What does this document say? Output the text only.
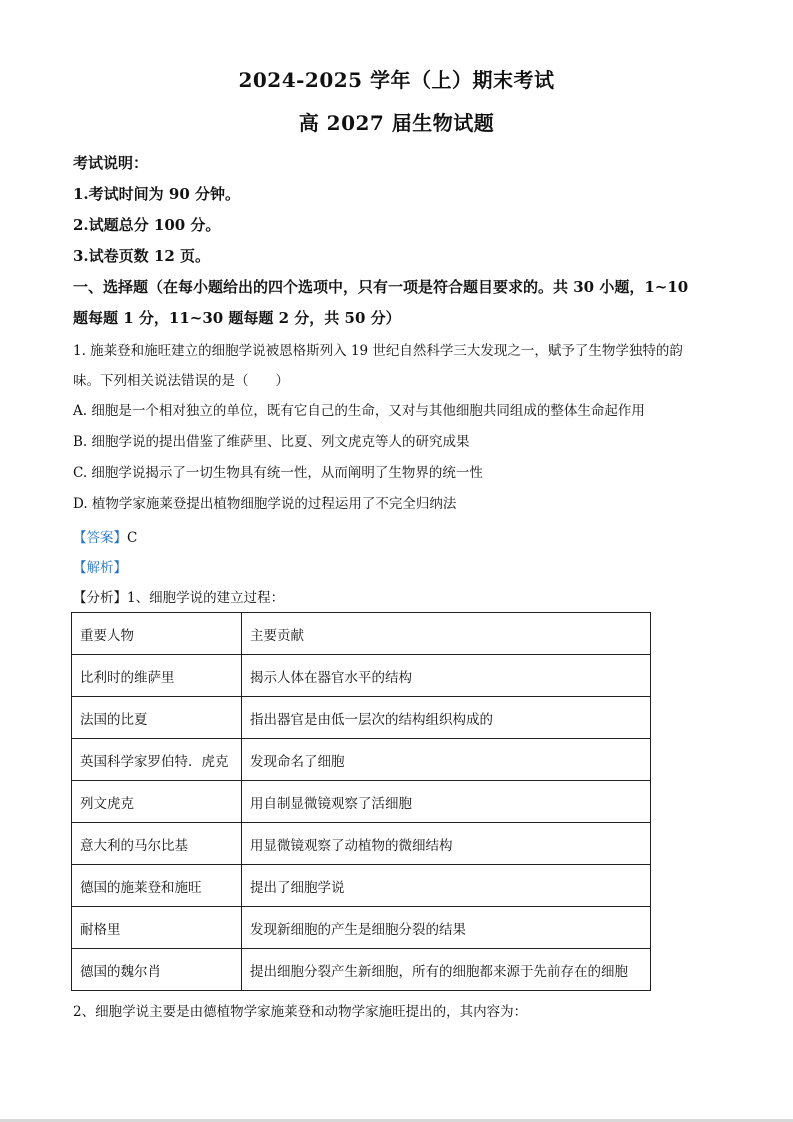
2024-2025 学年（上）期末考试
高 2027 届生物试题
考试说明：
1.考试时间为 90 分钟。
2.试题总分 100 分。
3.试卷页数 12 页。
一、选择题（在每小题给出的四个选项中，只有一项是符合题目要求的。共 30 小题，1~10
题每题 1 分，11~30 题每题 2 分，共 50 分）
1. 施莱登和施旺建立的细胞学说被恩格斯列入 19 世纪自然科学三大发现之一，赋予了生物学独特的韵
味。下列相关说法错误的是（　　）
A. 细胞是一个相对独立的单位，既有它自己的生命，又对与其他细胞共同组成的整体生命起作用
B. 细胞学说的提出借鉴了维萨里、比夏、列文虎克等人的研究成果
C. 细胞学说揭示了一切生物具有统一性，从而阐明了生物界的统一性
D. 植物学家施莱登提出植物细胞学说的过程运用了不完全归纳法
【答案】C
【解析】
【分析】1、细胞学说的建立过程：
重要人物	主要贡献
比利时的维萨里	揭示人体在器官水平的结构
法国的比夏	指出器官是由低一层次的结构组织构成的
英国科学家罗伯特．虎克	发现命名了细胞
列文虎克	用自制显微镜观察了活细胞
意大利的马尔比基	用显微镜观察了动植物的微细结构
德国的施莱登和施旺	提出了细胞学说
耐格里	发现新细胞的产生是细胞分裂的结果
德国的魏尔肖	提出细胞分裂产生新细胞，所有的细胞都来源于先前存在的细胞
2、细胞学说主要是由德植物学家施莱登和动物学家施旺提出的，其内容为：
